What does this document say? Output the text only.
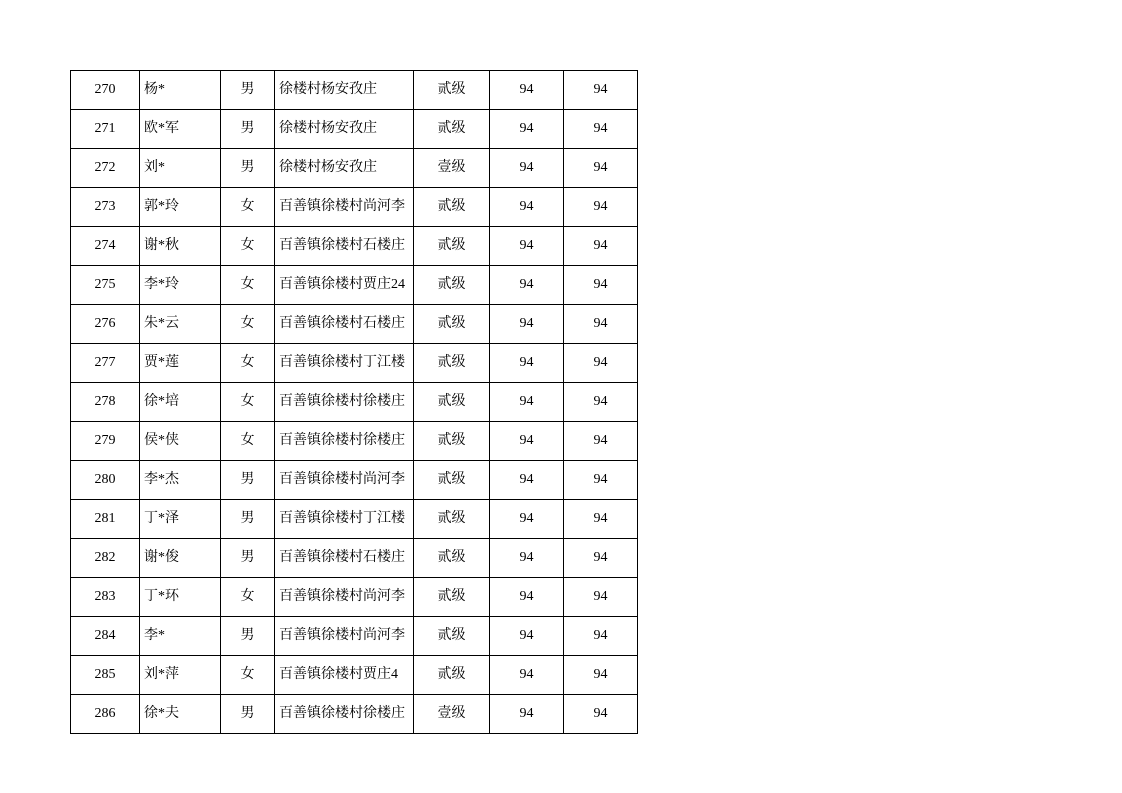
270	杨*	男	徐楼村杨安孜庄	贰级	94	94
271	欧*军	男	徐楼村杨安孜庄	贰级	94	94
272	刘*	男	徐楼村杨安孜庄	壹级	94	94
273	郭*玲	女	百善镇徐楼村尚河李	贰级	94	94
274	谢*秋	女	百善镇徐楼村石楼庄	贰级	94	94
275	李*玲	女	百善镇徐楼村贾庄24	贰级	94	94
276	朱*云	女	百善镇徐楼村石楼庄	贰级	94	94
277	贾*莲	女	百善镇徐楼村丁江楼	贰级	94	94
278	徐*培	女	百善镇徐楼村徐楼庄	贰级	94	94
279	侯*侠	女	百善镇徐楼村徐楼庄	贰级	94	94
280	李*杰	男	百善镇徐楼村尚河李	贰级	94	94
281	丁*泽	男	百善镇徐楼村丁江楼	贰级	94	94
282	谢*俊	男	百善镇徐楼村石楼庄	贰级	94	94
283	丁*环	女	百善镇徐楼村尚河李	贰级	94	94
284	李*	男	百善镇徐楼村尚河李	贰级	94	94
285	刘*萍	女	百善镇徐楼村贾庄4	贰级	94	94
286	徐*夫	男	百善镇徐楼村徐楼庄	壹级	94	94
